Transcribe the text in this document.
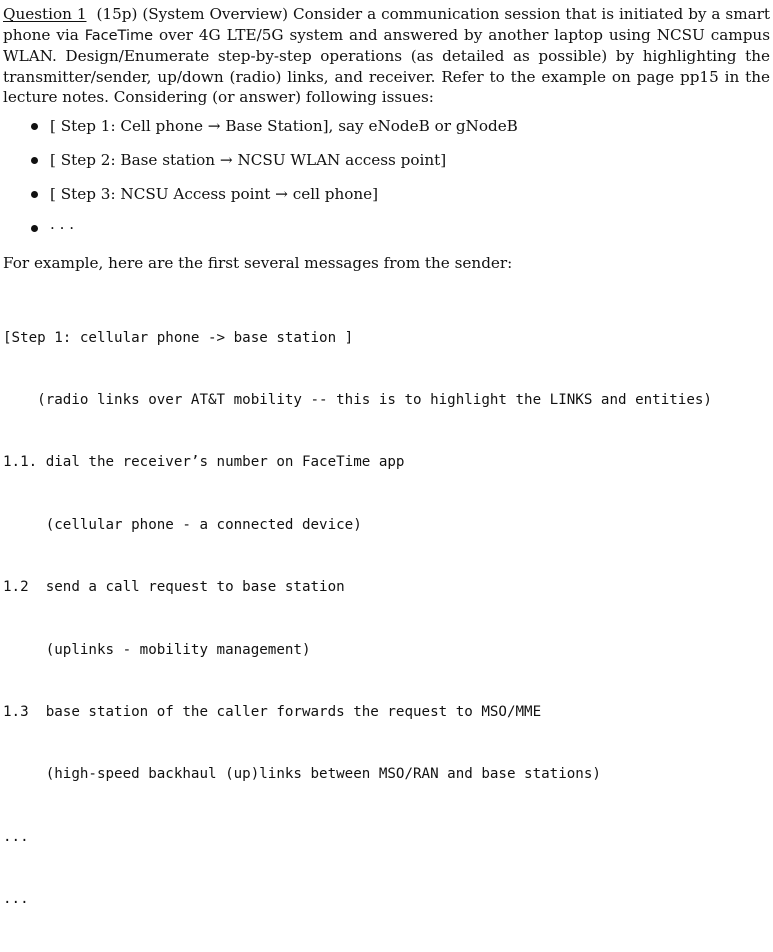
Question 1 (15p) (System Overview) Consider a communication session that is initiated by a smart phone via FaceTime over 4G LTE/5G system and answered by another laptop using NCSU campus WLAN. Design/Enumerate step-by-step operations (as detailed as possible) by highlighting the transmitter/sender, up/down (radio) links, and receiver. Refer to the example on page pp15 in the lecture notes. Considering (or answer) following issues:

[ Step 1: Cell phone → Base Station], say eNodeB or gNodeB
[ Step 2: Base station → NCSU WLAN access point]
[ Step 3: NCSU Access point → cell phone]
· · ·

For example, here are the first several messages from the sender:

[Step 1: cellular phone -> base station ]

(radio links over AT&T mobility -- this is to highlight the LINKS and entities)

1.1. dial the receiver’s number on FaceTime app

(cellular phone - a connected device)

1.2  send a call request to base station

(uplinks - mobility management)

1.3  base station of the caller forwards the request to MSO/MME

(high-speed backhaul (up)links between MSO/RAN and base stations)

...

...
